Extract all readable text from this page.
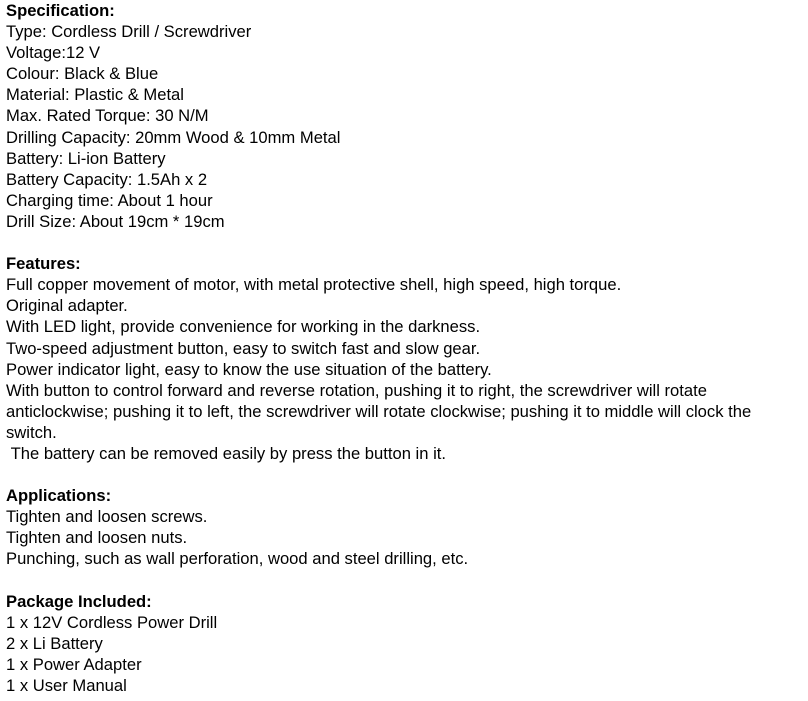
Specification:
Type: Cordless Drill / Screwdriver
Voltage:12 V
Colour: Black & Blue
Material: Plastic & Metal
Max. Rated Torque: 30 N/M
Drilling Capacity: 20mm Wood & 10mm Metal
Battery: Li-ion Battery
Battery Capacity: 1.5Ah x 2
Charging time: About 1 hour
Drill Size: About 19cm * 19cm
Features:
Full copper movement of motor, with metal protective shell, high speed, high torque.
Original adapter.
With LED light, provide convenience for working in the darkness.
Two-speed adjustment button, easy to switch fast and slow gear.
Power indicator light, easy to know the use situation of the battery.
With button to control forward and reverse rotation, pushing it to right, the screwdriver will rotate anticlockwise; pushing it to left, the screwdriver will rotate clockwise; pushing it to middle will clock the switch.
The battery can be removed easily by press the button in it.
Applications:
Tighten and loosen screws.
Tighten and loosen nuts.
Punching, such as wall perforation, wood and steel drilling, etc.
Package Included:
1 x 12V Cordless Power Drill
2 x Li Battery
1 x Power Adapter
1 x User Manual
